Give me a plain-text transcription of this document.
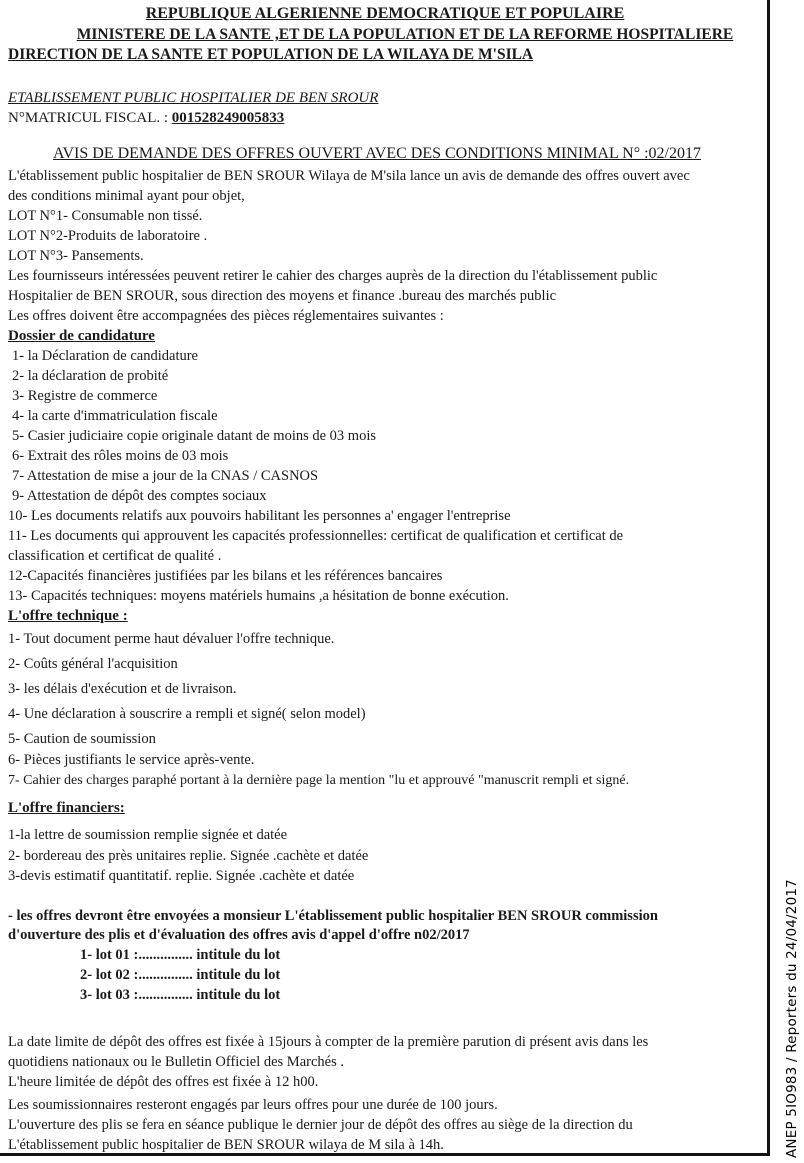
REPUBLIQUE ALGERIENNE DEMOCRATIQUE ET POPULAIRE
MINISTERE DE LA SANTE ,ET DE LA POPULATION ET DE LA REFORME HOSPITALIERE
DIRECTION DE LA SANTE ET POPULATION DE LA WILAYA DE M'SILA
ETABLISSEMENT PUBLIC HOSPITALIER DE BEN SROUR
N°MATRICUL FISCAL. : 001528249005833
AVIS DE DEMANDE DES OFFRES OUVERT AVEC DES CONDITIONS MINIMAL N° :02/2017
L'établissement public hospitalier de BEN SROUR Wilaya de M'sila lance un avis de demande des offres ouvert avec
des conditions minimal ayant pour objet,
LOT N°1- Consumable non tissé.
LOT N°2-Produits de laboratoire .
LOT N°3- Pansements.
Les fournisseurs intéressées peuvent retirer le cahier des charges auprès de la direction du l'établissement public
Hospitalier de BEN SROUR, sous direction des moyens et finance .bureau des marchés public
Les offres doivent être accompagnées des pièces réglementaires suivantes :
Dossier de candidature
1- la Déclaration de candidature
2- la déclaration de probité
3- Registre de commerce
4- la carte d'immatriculation fiscale
5- Casier judiciaire copie originale datant de moins de 03 mois
6- Extrait des rôles moins de 03 mois
7- Attestation de mise a jour de la CNAS / CASNOS
9- Attestation de dépôt des comptes sociaux
10- Les documents relatifs aux pouvoirs habilitant les personnes a' engager l'entreprise
11- Les documents qui approuvent les capacités professionnelles: certificat de qualification et certificat de
classification et certificat de qualité .
12-Capacités financières justifiées par les bilans et les références bancaires
13- Capacités techniques: moyens matériels humains ,a hésitation de bonne exécution.
L'offre technique :
1- Tout document perme haut dévaluer l'offre technique.
2- Coûts général l'acquisition
3- les délais d'exécution et de livraison.
4- Une déclaration à souscrire a rempli et signé( selon model)
5- Caution de soumission
6- Pièces justifiants le service après-vente.
7- Cahier des charges paraphé portant à la dernière page la mention "lu et approuvé "manuscrit rempli et signé.
L'offre financiers:
1-la lettre de soumission remplie signée et datée
2- bordereau des près unitaires replie. Signée .cachète et datée
3-devis estimatif quantitatif. replie. Signée .cachète et datée
- les offres devront être envoyées a monsieur L'établissement public hospitalier BEN SROUR commission
d'ouverture des plis et d'évaluation des offres avis d'appel d'offre n02/2017
1- lot 01 :............... intitule du lot
2- lot 02 :............... intitule du lot
3- lot 03 :............... intitule du lot
La date limite de dépôt des offres est fixée à 15jours à compter de la première parution di présent avis dans les
quotidiens nationaux ou le Bulletin Officiel des Marchés .
L'heure limitée de dépôt des offres est fixée à 12 h00.
Les soumissionnaires resteront engagés par leurs offres pour une durée de 100 jours.
L'ouverture des plis se fera en séance publique le dernier jour de dépôt des offres au siège de la direction du
L'établissement public hospitalier de BEN SROUR wilaya de M sila à 14h.	ANEP 5IO983 / Reporters du 24/04/2017
